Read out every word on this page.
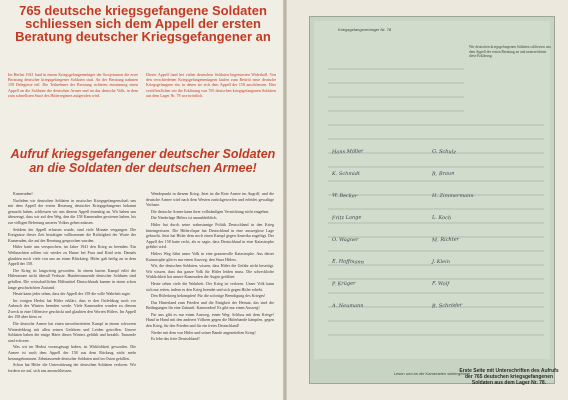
765 deutsche kriegsgefangene Soldaten schliessen sich dem Appell der ersten Beratung deutscher Kriegsgefangener an
Im Herbst 1941 fand in einem Kriegsgefangenenlager der Sowjetunion die erste Beratung deutscher kriegsgefangener Soldaten statt. An der Beratung nahmen 158 Delegierte teil. Die Teilnehmer der Beratung richteten einstimmig einen Appell an die Soldaten der deutschen Armee und an das deutsche Volk, in dem zum schnellsten Sturz des Hitlerregimes aufgerufen wird.
Dieser Appell fand bei vielen deutschen Soldaten begeisterten Widerhall. Von den verschiedenen Kriegsgefangenenlagern laufen zum Beitritt neue deutsche Kriegsgefangene ein, in denen sie sich dem Appell der 158 anschliessen. Hier veröffentlichen wir die Erklärung von 765 deutschen kriegsgefangenen Soldaten aus dem Lager Nr. 78 wortwörtlich.
Aufruf kriegsgefangener deutscher Soldaten an die Soldaten der deutschen Armee!

Kameraden!

Nachdem wir deutschen Soldaten in russischer Kriegsgefangenschaft uns mit dem Appell der ersten Beratung deutscher Kriegsgefangener bekannt gemacht haben, schliessen wir uns diesem Appell einmütig an. Wir haben uns überzeugt, dass wir auf den Weg, den die 158 Kameraden gewiesen haben, bis zur völligen Befreiung unseres Volkes gehen müssen.

Seitdem der Appell erlassen wurde, sind viele Monate vergangen. Die Ereignisse dieser Zeit bestätigen vollkommen die Richtigkeit der Worte der Kameraden, die auf der Beratung gesprochen wurden.

Hitler hatte uns versprochen, im Jahre 1941 den Krieg zu beenden. Ein Weihnachten sollten wir wieder zu Hause bei Frau und Kind sein. Damals glaubten noch viele von uns an einen Blitzkrieg. Hitler gab heilig an in dem Appell der 158.

Der Krieg ist langwierig geworden. In einem harten Kampf erlitt die Hitlerarmee nicht überall Verluste. Hunderttausende deutscher Soldaten sind gefallen. Die wirtschaftlichen Hilfsmittel Deutschlands kamen in einen schon lange geschwächten Zustand.

Heute kann jeder sehen, dass der Appell der 158 die volle Wahrheit sagte.

Im vorigen Herbst hat Hitler erklärt, dass er den Ostfeldzug noch vor Anbruch des Winters beenden werde. Viele Kameraden wurden zu diesem Zweck in eine Offensive geschickt und glaubten den Worten Hitlers. Im Appell der 158 aber hiess es:

Die deutsche Armee hat einen unvorbereiteten Kampf in einem schweren Winterfeldzug mit allen seinen Gefahren und Leiden getroffen. Unsere Soldaten haben die eisige Härte dieses Winters gefühlt und bezahlt. Tausende sind erfroren.

Was wir im Herbst vorausgesagt haben, ist Wirklichkeit geworden. Die Armee ist nach dem Appell der 158 aus dem Rückzug nicht mehr herausgekommen. Zehntausende deutscher Soldaten sind im Osten gefallen.

Schon hat Hitler die Unterstützung der deutschen Soldaten verloren. Wir fordern sie auf, sich uns anzuschliessen.

Wendepunkt in diesem Krieg. Jetzt ist die Rote Armee im Angriff, und die deutsche Armee wird nach dem Westen zurückgeworfen und erleidet gewaltige Verluste.

Die deutsche Armee kann ihrer vollständigen Vernichtung nicht entgehen.

Die Niederlage Hitlers ist unausbleiblich.

Hitler hat durch seine wahnsinnige Politik Deutschland in den Krieg hineingerissen. Die Hitlerclique hat Deutschland in eine ausweglose Lage gebracht. Jetzt hat Hitler dem noch einen Kampf gegen Amerika zugefügt. Der Appell der 158 hatte recht, als er sagte, dass Deutschland in eine Katastrophe geführt wird.

Hitlers Weg führt unser Volk in eine grauenvolle Katastrophe. Aus dieser Katastrophe gibt es nur einen Ausweg: den Sturz Hitlers.

Wir, die deutschen Soldaten, wissen, dass Hitler die Gefahr nicht beseitigt. Wir wissen, dass das ganze Volk für Hitler leiden muss. Die schreckliche Wirklichkeit hat unsere Kameraden die Augen geöffnet.

Heute sehen viele die Wahrheit: Der Krieg ist verloren. Unser Volk kann sich nur retten, indem es den Krieg beendet und sich gegen Hitler erhebt.

Den Hitlerkrieg bekämpfen! Für die sofortige Beendigung des Krieges!

Das Hinterland zum Frieden und die Einigkeit der Heimat, das sind die Bedingungen für eine Zukunft. Kameraden! Es gibt nur einen Ausweg!

Für uns gibt es nur einen Ausweg, einen Weg: Schluss mit dem Kriege! Hand in Hand mit den anderen Völkern gegen die Hitlerbande kämpfen, gegen den Krieg, für den Frieden und für ein freies Deutschland!

Nieder mit dem von Hitler und seiner Bande angezettelten Krieg!

Es lebe das freie Deutschland!

Kriegsgefangenenlager Nr. 78
Wir deutschen kriegsgefangenen Soldaten schliessen uns dem Appell der ersten Beratung an und unterzeichnen diese Erklärung.
Hans Möller
K. Schmidt
W. Becker
Fritz Lange
O. Wagner
E. Hoffmann
P. Krüger
A. Neumann
G. Schulz
R. Braun
H. Zimmermann
L. Koch
M. Richter
J. Klein
F. Wolf
B. Schröder
Lesen und an die Kameraden weitergeben!
Erste Seite mit Unterschriften des Aufrufs der 765 deutschen kriegsgefangenen Soldaten aus dem Lager Nr. 78.
